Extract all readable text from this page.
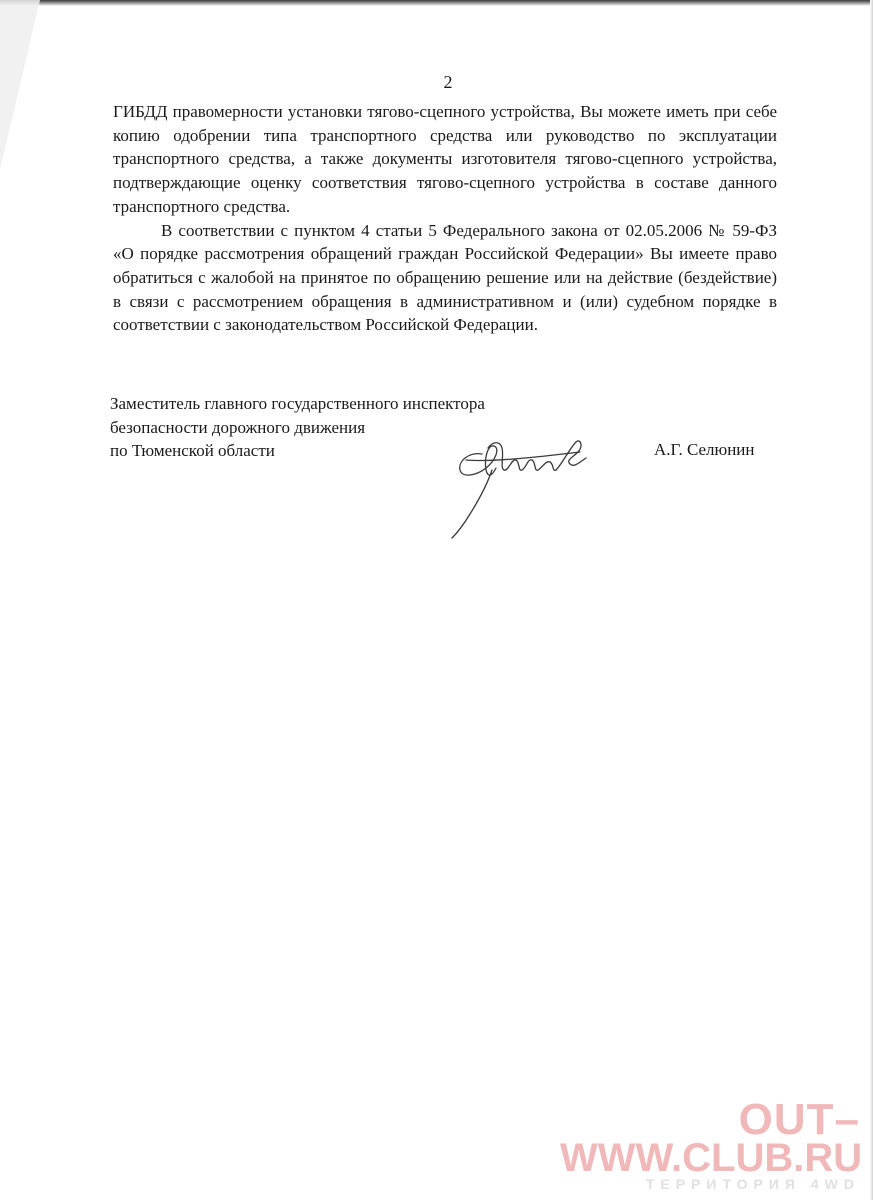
2

ГИБДД правомерности установки тягово-сцепного устройства, Вы можете иметь при себе копию одобрении типа транспортного средства или руководство по эксплуатации транспортного средства, а также документы изготовителя тягово-сцепного устройства, подтверждающие оценку соответствия тягово-сцепного устройства в составе данного транспортного средства.

В соответствии с пунктом 4 статьи 5 Федерального закона от 02.05.2006 № 59-ФЗ «О порядке рассмотрения обращений граждан Российской Федерации» Вы имеете право обратиться с жалобой на принятое по обращению решение или на действие (бездействие) в связи с рассмотрением обращения в административном и (или) судебном порядке в соответствии с законодательством Российской Федерации.

Заместитель главного государственного инспектора
безопасности дорожного движения
по Тюменской области	А.Г. Селюнин
OUT–
WWW.CLUB.RU
ТЕРРИТОРИЯ 4WD
